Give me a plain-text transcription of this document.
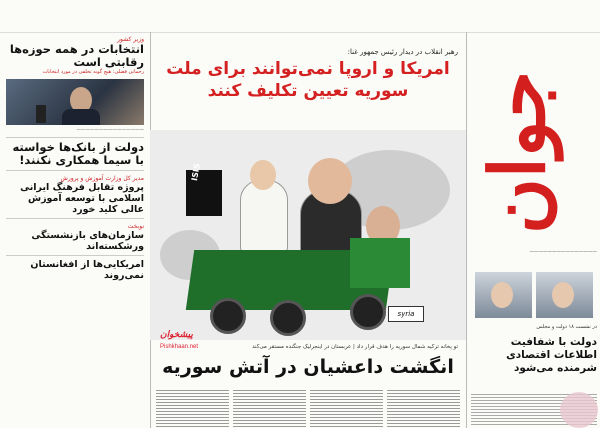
وزیر کشور
انتخابات در همه حوزه‌ها رقابتی است
رحمانی فضلی: هیچ گونه تخلفی در مورد انتخابات
———————————————
دولت از بانک‌ها خواسته با سیما همکاری نکنند!
مدیر کل وزارت آموزش و پرورش
پروژه تقابل فرهنگ ایرانی اسلامی با توسعه آموزش عالی کلید خورد
نوبخت
سازمان‌های بازنشستگی ورشکسته‌اند
امریکایی‌ها از افغانستان نمی‌روند
رهبر انقلاب در دیدار رئیس جمهور غنا:
امریکا و اروپا نمی‌توانند برای ملت سوریه تعیین تکلیف کنند
ISIS
syria
تو پخانه ترکیه شمال سوریه را هدف قرار داد | عربستان در اینجرلیک جنگنده مستقر می‌کند
انگشت داعشیان در آتش سوریه
پیشخوان
Pishkhaan.net
جوان
———————————————
در نشست ۱۸ دولت و مجلس
دولت با شفافیت اطلاعات اقتصادی شرمنده می‌شود
